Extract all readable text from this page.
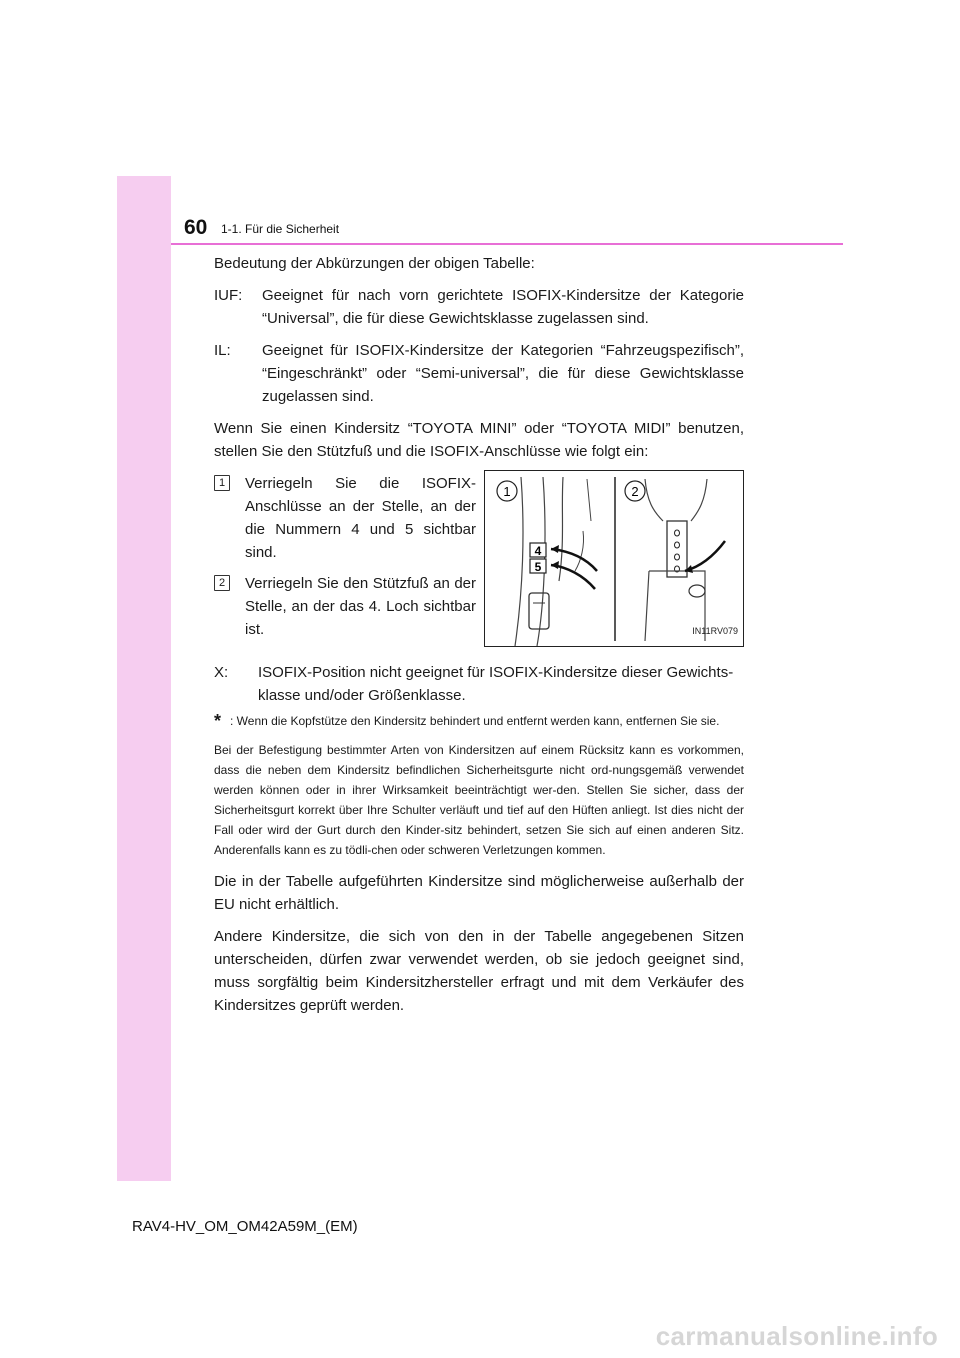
60 1-1. Für die Sicherheit

Bedeutung der Abkürzungen der obigen Tabelle:

IUF:	Geeignet für nach vorn gerichtete ISOFIX-Kindersitze der Kategorie “Universal”, die für diese Gewichtsklasse zugelassen sind.
IL:	Geeignet für ISOFIX-Kindersitze der Kategorien “Fahrzeugspezifisch”, “Eingeschränkt” oder “Semi-universal”, die für diese Gewichtsklasse zugelassen sind.

Wenn Sie einen Kindersitz “TOYOTA MINI” oder “TOYOTA MIDI” benutzen, stellen Sie den Stützfuß und die ISOFIX-Anschlüsse wie folgt ein:

1	Verriegeln Sie die ISOFIX-Anschlüsse an der Stelle, an der die Nummern 4 und 5 sichtbar sind.
2	Verriegeln Sie den Stützfuß an der Stelle, an der das 4. Loch sichtbar ist.
1
4
5
2
IN11RV079
X:	ISOFIX-Position nicht geeignet für ISOFIX-Kindersitze dieser Gewichts-klasse und/oder Größenklasse.
* : Wenn die Kopfstütze den Kindersitz behindert und entfernt werden kann, entfernen Sie sie.
Bei der Befestigung bestimmter Arten von Kindersitzen auf einem Rücksitz kann es vorkommen, dass die neben dem Kindersitz befindlichen Sicherheitsgurte nicht ord-nungsgemäß verwendet werden können oder in ihrer Wirksamkeit beeinträchtigt wer-den. Stellen Sie sicher, dass der Sicherheitsgurt korrekt über Ihre Schulter verläuft und tief auf den Hüften anliegt. Ist dies nicht der Fall oder wird der Gurt durch den Kinder-sitz behindert, setzen Sie sich auf einen anderen Sitz. Anderenfalls kann es zu tödli-chen oder schweren Verletzungen kommen.

Die in der Tabelle aufgeführten Kindersitze sind möglicherweise außerhalb der EU nicht erhältlich.

Andere Kindersitze, die sich von den in der Tabelle angegebenen Sitzen unterscheiden, dürfen zwar verwendet werden, ob sie jedoch geeignet sind, muss sorgfältig beim Kindersitzhersteller erfragt und mit dem Verkäufer des Kindersitzes geprüft werden.

RAV4-HV_OM_OM42A59M_(EM)
carmanualsonline.info
